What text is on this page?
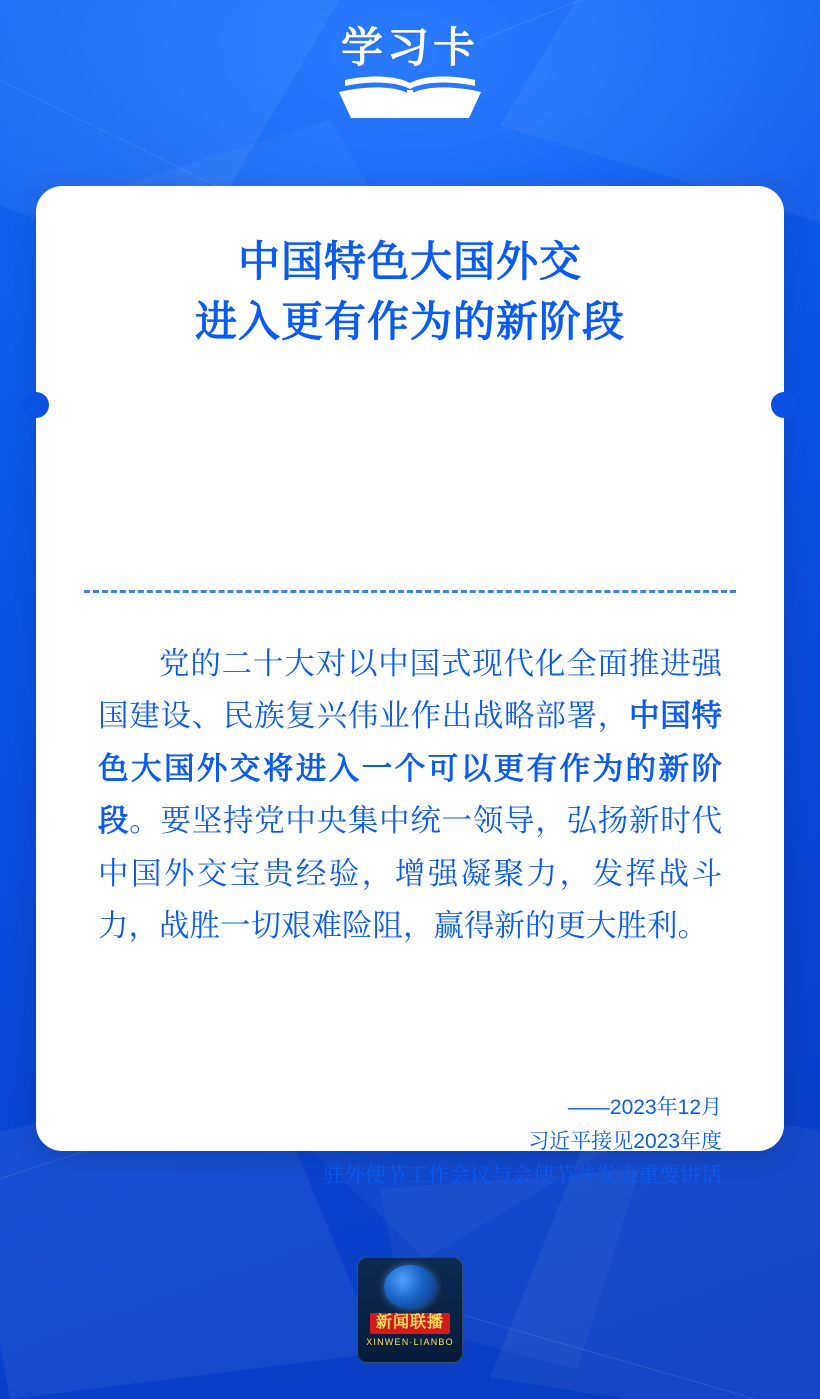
学习卡
中国特色大国外交
进入更有作为的新阶段
党的二十大对以中国式现代化全面推进强国建设、民族复兴伟业作出战略部署，中国特色大国外交将进入一个可以更有作为的新阶段。要坚持党中央集中统一领导，弘扬新时代中国外交宝贵经验，增强凝聚力，发挥战斗力，战胜一切艰难险阻，赢得新的更大胜利。
——2023年12月
习近平接见2023年度
驻外使节工作会议与会使节并发表重要讲话
新闻联播
XINWEN·LIANBO
